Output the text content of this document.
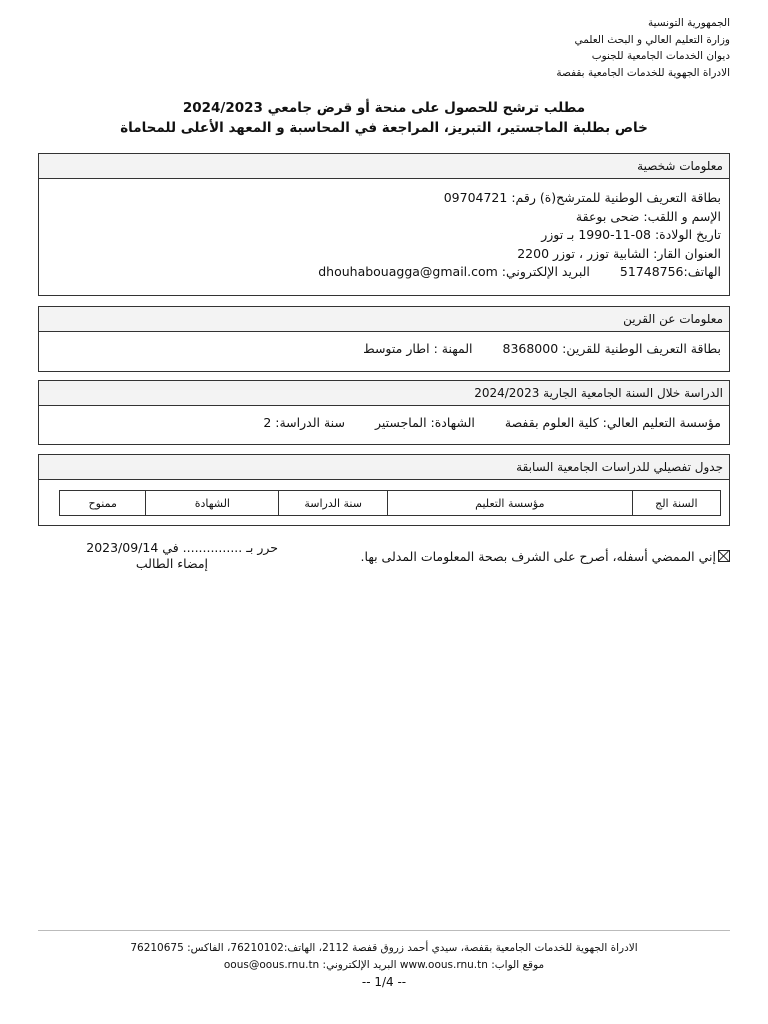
الجمهورية التونسية
وزارة التعليم العالي و البحث العلمي
ديوان الخدمات الجامعية للجنوب
الادراة الجهوية للخدمات الجامعية بقفصة
مطلب ترشح للحصول على منحة أو قرض جامعي 2024/2023
خاص بطلبة الماجستير، التبريز، المراجعة في المحاسبة و المعهد الأعلى للمحاماة
معلومات شخصية
بطاقة التعريف الوطنية للمترشح(ة) رقم: 09704721
الإسم و اللقب: ضحى بوعقة
تاريخ الولادة: 08-11-1990 بـ توزر
العنوان القار: الشابية توزر ، توزر 2200
الهاتف:51748756البريد الإلكتروني: dhouhabouagga@gmail.com
معلومات عن القرين
بطاقة التعريف الوطنية للقرين: 8368000المهنة : اطار متوسط
الدراسة خلال السنة الجامعية الجارية 2024/2023
مؤسسة التعليم العالي: كلية العلوم بقفصةالشهادة: الماجستيرسنة الدراسة: 2
جدول تفصيلي للدراسات الجامعية السابقة
السنة الج	مؤسسة التعليم	سنة الدراسة	الشهادة	ممنوح
إني الممضي أسفله، أصرح على الشرف بصحة المعلومات المدلى بها.
حرر بـ ............... في 2023/09/14
إمضاء الطالب
الادراة الجهوية للخدمات الجامعية بقفصة، سيدي أحمد زروق قفصة 2112، الهاتف:76210102، الفاكس: 76210675
موقع الواب: www.oous.rnu.tn البريد الإلكتروني: oous@oous.rnu.tn
-- 1/4 --
